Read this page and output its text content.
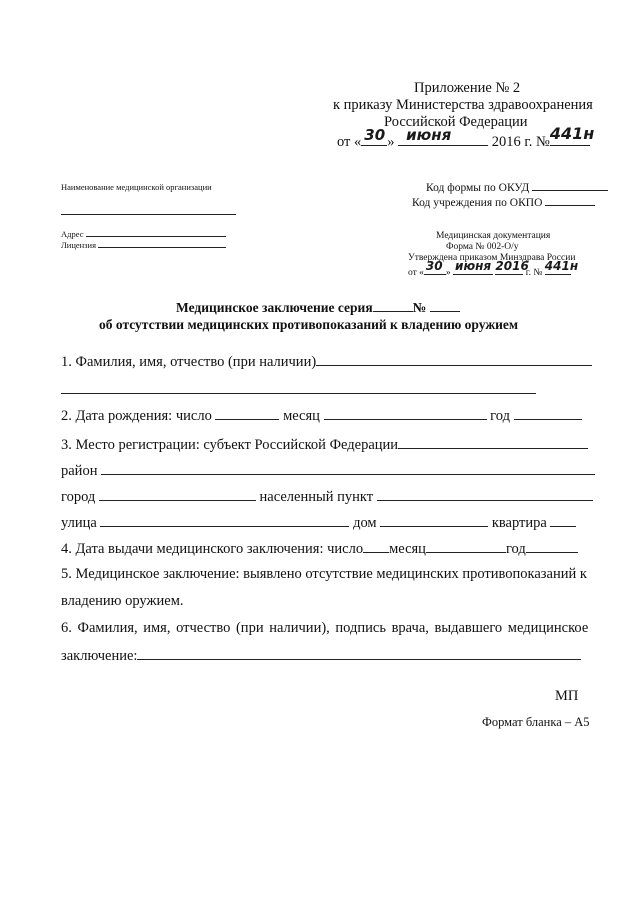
Приложение № 2
к приказу Министерства здравоохранения
Российской Федерации
от « 30 » июня	2016 г. № 441н
Наименование медицинской организации
Адрес
Лицензия
Код формы по ОКУД
Код учреждения по ОКПО
Медицинская документация
Форма № 002-О/у
Утверждена приказом Минздрава России
от « 30 » июня
2016
г. № 441н
Медицинское заключение серия	№
об отсутствии медицинских противопоказаний к владению оружием
1. Фамилия, имя, отчество (при наличии)
2. Дата рождения: число	месяц	год
3. Место регистрации: субъект Российской Федерации
район
город	населенный пункт
улица	дом	квартира
4. Дата выдачи медицинского заключения: число месяц	год
5. Медицинское заключение: выявлено отсутствие медицинских противопоказаний к
владению оружием.
6. Фамилия, имя, отчество (при наличии), подпись врача, выдавшего медицинское
заключение:
МП
Формат бланка – А5
